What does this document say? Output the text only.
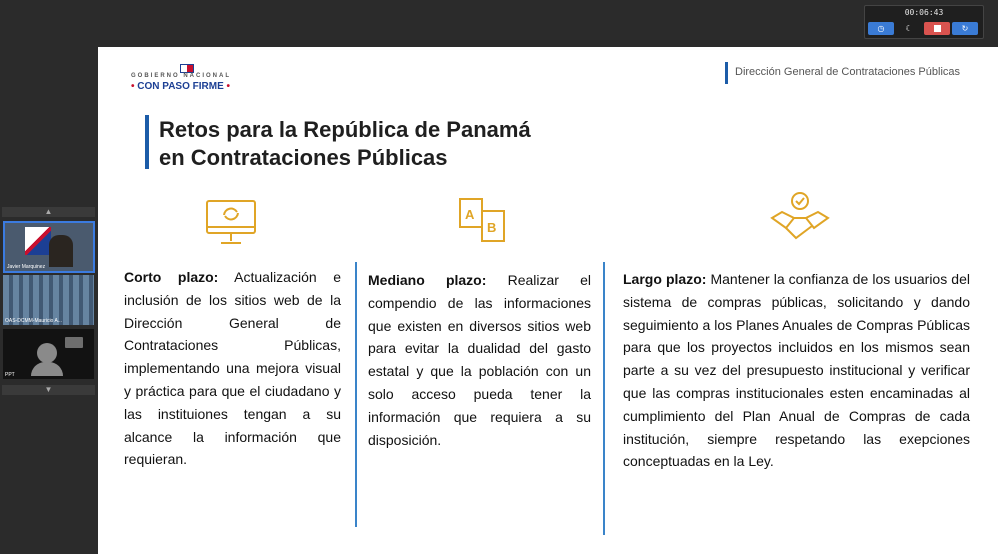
00:06:43
◷	☾	↻
▲
Javier Marquinez
OAS-DCMM-Mauricio A...
PPT
▼
GOBIERNO NACIONAL
• CON PASO FIRME •
Dirección General de Contrataciones Públicas
Retos para la República de Panamá
en Contrataciones Públicas
A
B
Corto plazo: Actualización e inclusión de los sitios web de la Dirección General de Contrataciones Públicas, implementando una mejora visual y práctica para que el ciudadano y las instituiones tengan a su alcance la información que requieran.
Mediano plazo: Realizar el compendio de las informaciones que existen en diversos sitios web para evitar la dualidad del gasto estatal y que la población con un solo acceso pueda tener la información que requiera a su disposición.
Largo plazo: Mantener la confianza de los usuarios del sistema de compras públicas, solicitando y dando seguimiento a los Planes Anuales de Compras Públicas para que los proyectos incluidos en los mismos sean parte a su vez del presupuesto institucional y verificar que las compras institucionales esten encaminadas al cumplimiento del Plan Anual de Compras de cada institución, siempre respetando las exepciones conceptuadas en la Ley.
